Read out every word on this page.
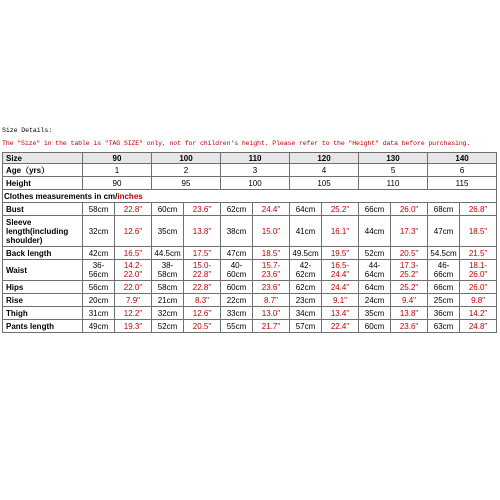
Size Details:
The "Size" in the table is "TAG SIZE" only, not for children's height. Please refer to the "Height" data before purchasing.
Size	90		100		110		120		130		140	
Age（yrs）	1		2		3		4		5		6	
Height	90		95		100		105		110		115	
Clothes measurements in cm/inches												
Bust	58cm	22.8"	60cm	23.6"	62cm	24.4"	64cm	25.2"	66cm	26.0"	68cm	26.8"
Sleeve length(including shoulder)	32cm	12.6"	35cm	13.8"	38cm	15.0"	41cm	16.1"	44cm	17.3"	47cm	18.5"
Back length	42cm	16.5"	44.5cm	17.5"	47cm	18.5"	49.5cm	19.5"	52cm	20.5"	54.5cm	21.5"
Waist	36-56cm	14.2-22.0"	38-58cm	15.0-22.8"	40-60cm	15.7-23.6"	42-62cm	16.5-24.4"	44-64cm	17.3-25.2"	46-66cm	18.1-26.0"
Hips	56cm	22.0"	58cm	22.8"	60cm	23.6"	62cm	24.4"	64cm	25.2"	66cm	26.0"
Rise	20cm	7.9"	21cm	8.3"	22cm	8.7"	23cm	9.1"	24cm	9.4"	25cm	9.8"
Thigh	31cm	12.2"	32cm	12.6"	33cm	13.0"	34cm	13.4"	35cm	13.8"	36cm	14.2"
Pants length	49cm	19.3"	52cm	20.5"	55cm	21.7"	57cm	22.4"	60cm	23.6"	63cm	24.8"
